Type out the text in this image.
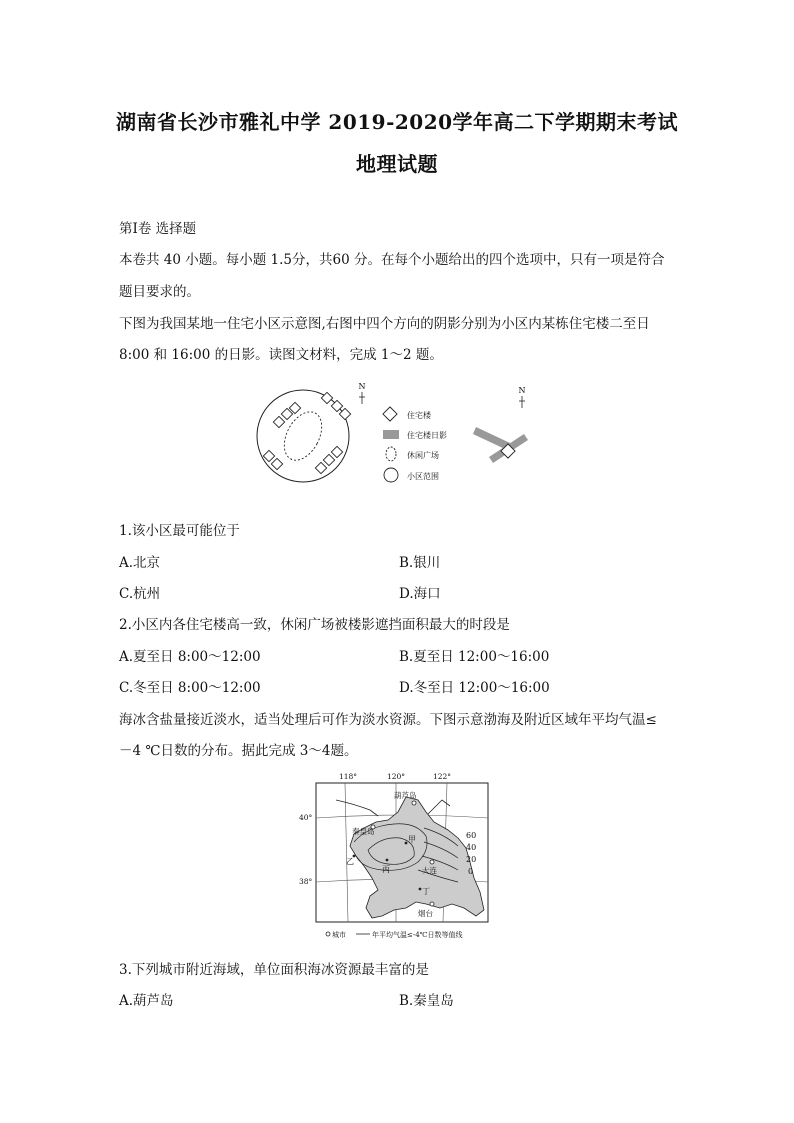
湖南省长沙市雅礼中学 2019-2020学年高二下学期期末考试
地理试题
第Ⅰ卷 选择题
本卷共 40 小题。每小题 1.5分，共60 分。在每个小题给出的四个选项中，只有一项是符合
题目要求的。
下图为我国某地一住宅小区示意图,右图中四个方向的阴影分别为小区内某栋住宅楼二至日
8:00 和 16:00 的日影。读图文材料，完成 1～2 题。
N
住宅楼
住宅楼日影
休闲广场
小区范围
N
1.该小区最可能位于
A.北京	B.银川
C.杭州	D.海口
2.小区内各住宅楼高一致，休闲广场被楼影遮挡面积最大的时段是
A.夏至日 8:00～12:00	B.夏至日 12:00～16:00
C.冬至日 8:00～12:00	D.冬至日 12:00～16:00
海冰含盐量接近淡水，适当处理后可作为淡水资源。下图示意渤海及附近区域年平均气温≤
－4 ℃日数的分布。据此完成 3～4题。
118°	120°	122°
40°
38°
60
40
20
0
葫芦岛
秦皇岛
大连
烟台
甲
乙
丙
丁
城市	年平均气温≤-4℃日数等值线
3.下列城市附近海域，单位面积海冰资源最丰富的是
A.葫芦岛	B.秦皇岛
